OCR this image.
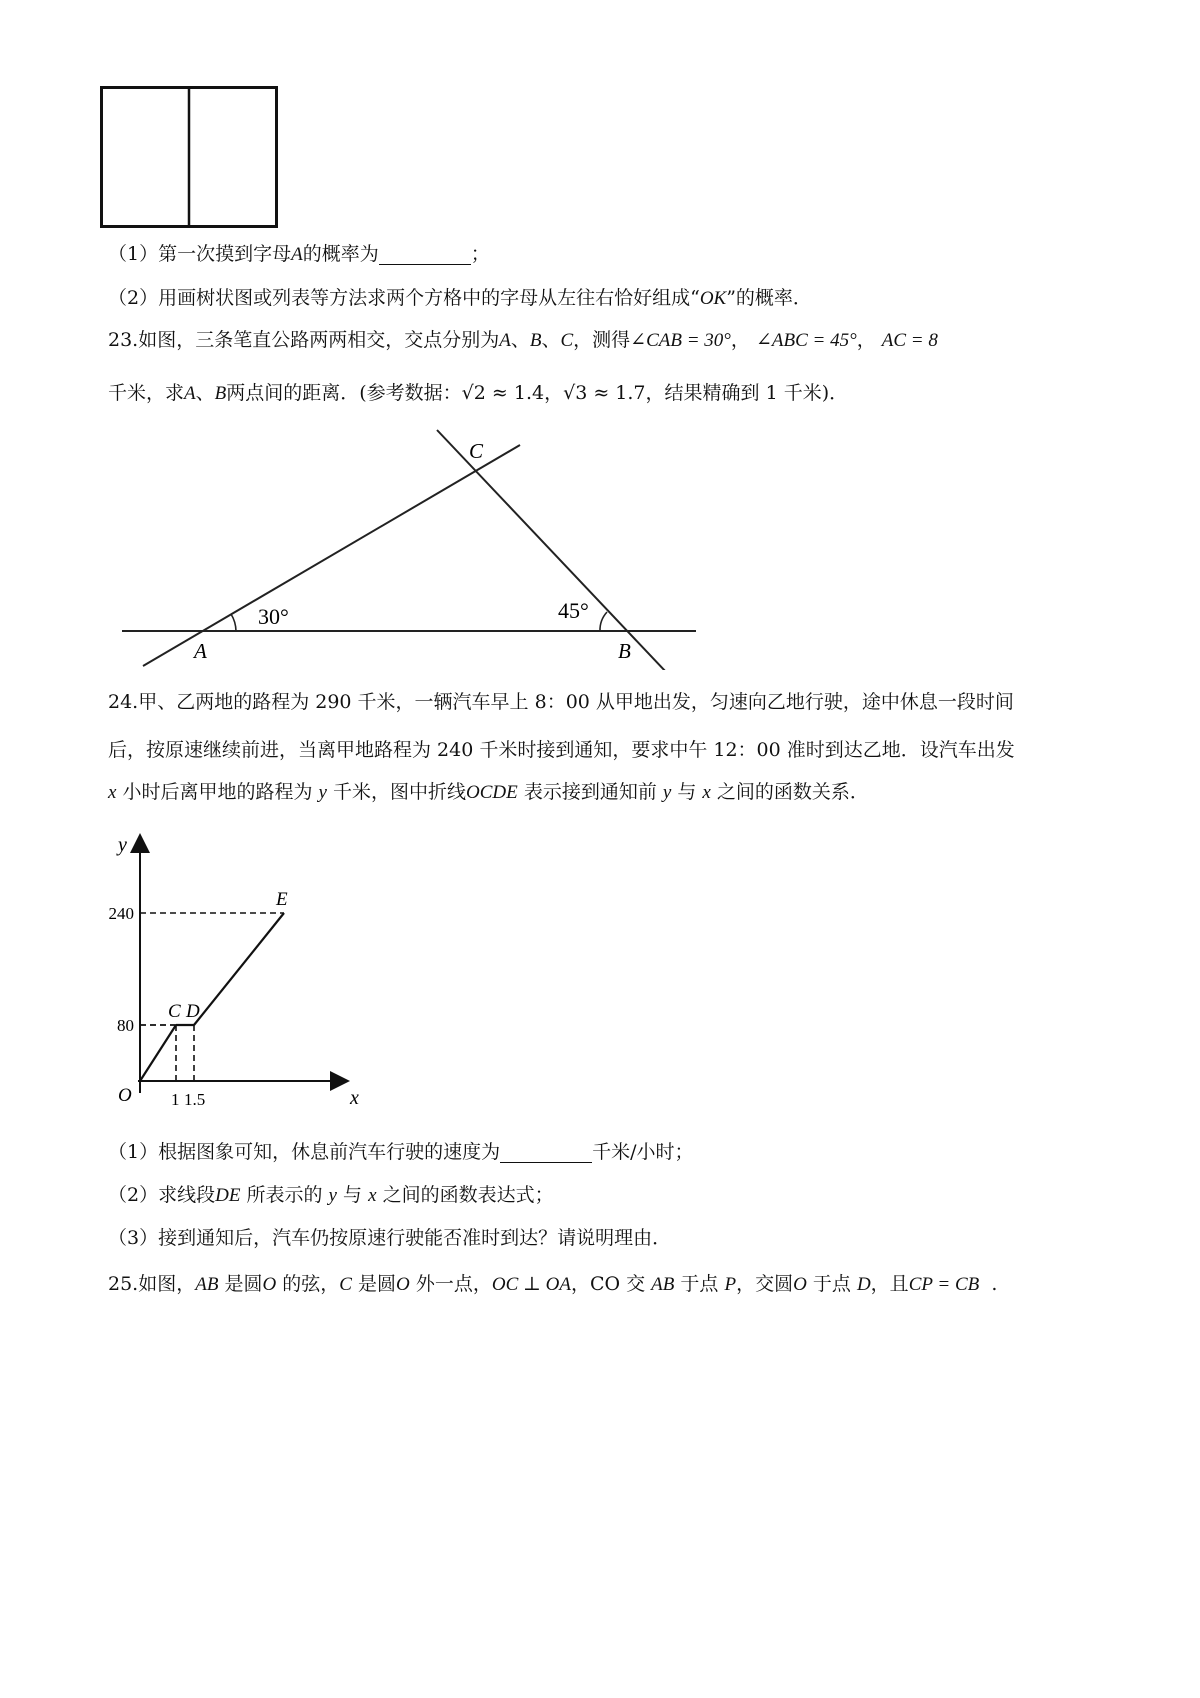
（1）第一次摸到字母A的概率为	；
（2）用画树状图或列表等方法求两个方格中的字母从左往右恰好组成“OK”的概率．
23.如图，三条笔直公路两两相交，交点分别为A、B、C，测得∠CAB = 30°， ∠ABC = 45°， AC = 8
千米，求A、B两点间的距离．(参考数据：√2 ≈ 1.4，√3 ≈ 1.7，结果精确到 1 千米)．
C
A	B
30°	45°
24.甲、乙两地的路程为 290 千米，一辆汽车早上 8：00 从甲地出发，匀速向乙地行驶，途中休息一段时间
后，按原速继续前进，当离甲地路程为 240 千米时接到通知，要求中午 12：00 准时到达乙地．设汽车出发
x 小时后离甲地的路程为 y 千米，图中折线OCDE 表示接到通知前 y 与 x 之间的函数关系．
y
x
O
C D
E
1 1.5
80
240
（1）根据图象可知，休息前汽车行驶的速度为	千米/小时；
（2）求线段DE 所表示的 y 与 x 之间的函数表达式；
（3）接到通知后，汽车仍按原速行驶能否准时到达？请说明理由．
25.如图，AB 是圆O 的弦，C 是圆O 外一点，OC ⊥ OA，CO 交 AB 于点 P，交圆O 于点 D，且CP = CB .
